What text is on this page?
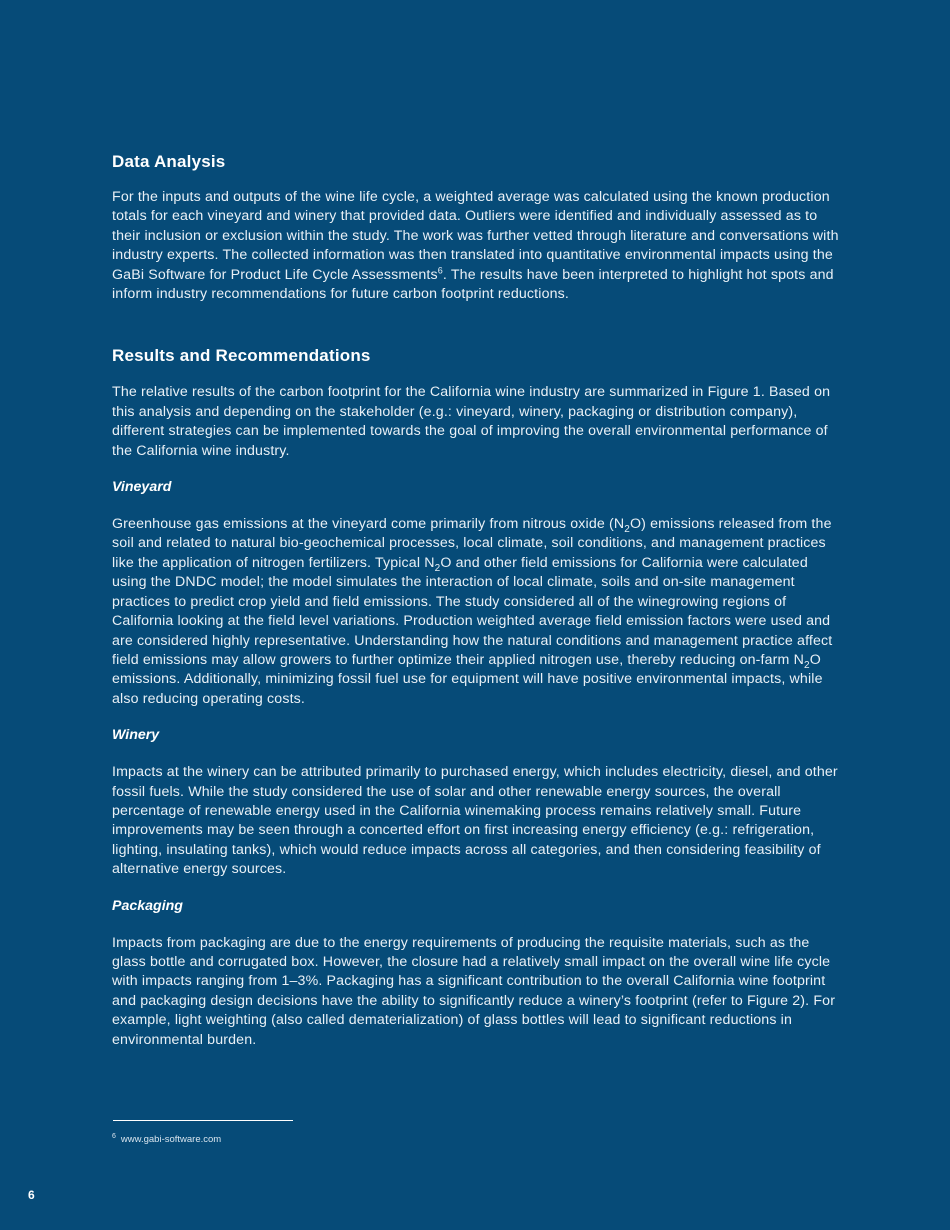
Data Analysis

For the inputs and outputs of the wine life cycle, a weighted average was calculated using the known production totals for each vineyard and winery that provided data. Outliers were identified and individually assessed as to their inclusion or exclusion within the study. The work was further vetted through literature and conversations with industry experts. The collected information was then translated into quantitative environmental impacts using the GaBi Software for Product Life Cycle Assessments$^6$. The results have been interpreted to highlight hot spots and inform industry recommendations for future carbon footprint reductions.

Results and Recommendations

The relative results of the carbon footprint for the California wine industry are summarized in Figure 1. Based on this analysis and depending on the stakeholder (e.g.: vineyard, winery, packaging or distribution company), different strategies can be implemented towards the goal of improving the overall environmental performance of the California wine industry.

Vineyard

Greenhouse gas emissions at the vineyard come primarily from nitrous oxide $(N_2O)$ emissions released from the soil and related to natural bio-geochemical processes, local climate, soil conditions, and management practices like the application of nitrogen fertilizers. Typical $N_2O$ and other field emissions for California were calculated using the DNDC model; the model simulates the interaction of local climate, soils and on-site management practices to predict crop yield and field emissions. The study considered all of the winegrowing regions of California looking at the field level variations. Production weighted average field emission factors were used and are considered highly representative. Understanding how the natural conditions and management practice affect field emissions may allow growers to further optimize their applied nitrogen use, thereby reducing on-farm $N_2O$ emissions. Additionally, minimizing fossil fuel use for equipment will have positive environmental impacts, while also reducing operating costs.

Winery

Impacts at the winery can be attributed primarily to purchased energy, which includes electricity, diesel, and other fossil fuels. While the study considered the use of solar and other renewable energy sources, the overall percentage of renewable energy used in the California winemaking process remains relatively small. Future improvements may be seen through a concerted effort on first increasing energy efficiency (e.g.: refrigeration, lighting, insulating tanks), which would reduce impacts across all categories, and then considering feasibility of alternative energy sources.

Packaging

Impacts from packaging are due to the energy requirements of producing the requisite materials, such as the glass bottle and corrugated box. However, the closure had a relatively small impact on the overall wine life cycle with impacts ranging from 1–3%. Packaging has a significant contribution to the overall California wine footprint and packaging design decisions have the ability to significantly reduce a winery’s footprint (refer to Figure 2). For example, light weighting (also called dematerialization) of glass bottles will lead to significant reductions in environmental burden.

$^6$ www.gabi-software.com
6
